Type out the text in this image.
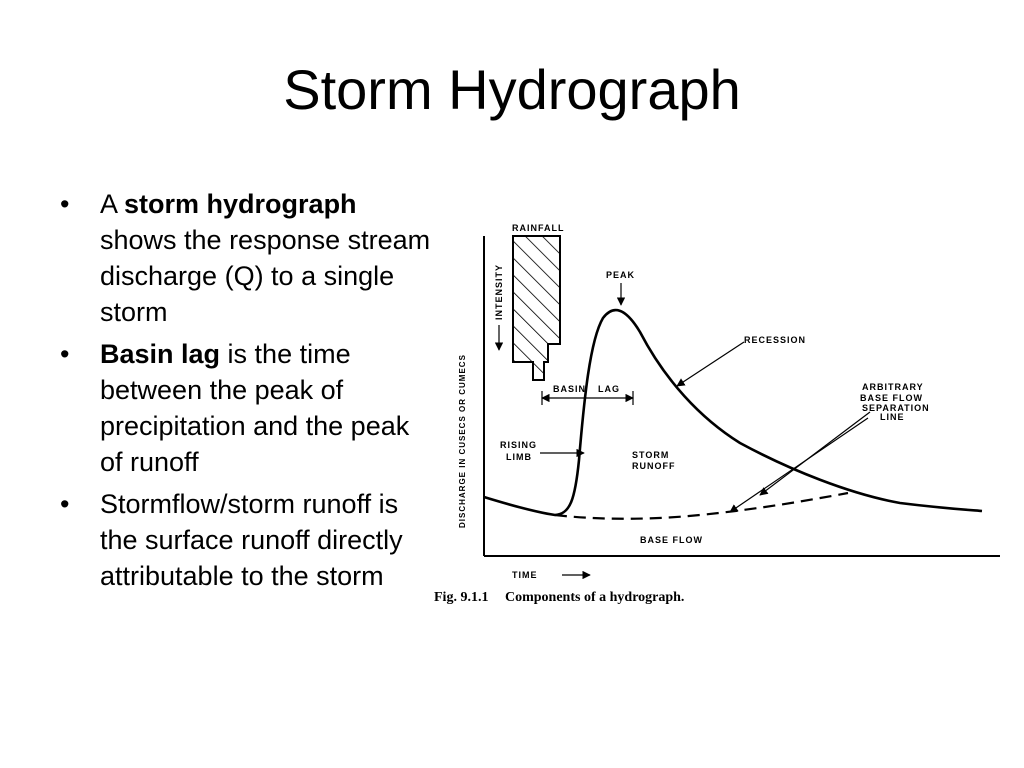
Storm Hydrograph
• A storm hydrograph shows the response stream discharge (Q) to a single storm
• Basin lag is the time between the peak of precipitation and the peak of runoff
• Stormflow/storm runoff is the surface runoff directly attributable to the storm
RAINFALL
INTENSITY	PEAK
RECESSION
BASIN LAG
RISING
LIMB	STORM
RUNOFF
ARBITRARY
BASE FLOW
SEPARATION
LINE
BASE FLOW
TIME
DISCHARGE IN CUSECS OR CUMECS
Fig. 9.1.1 Components of a hydrograph.
